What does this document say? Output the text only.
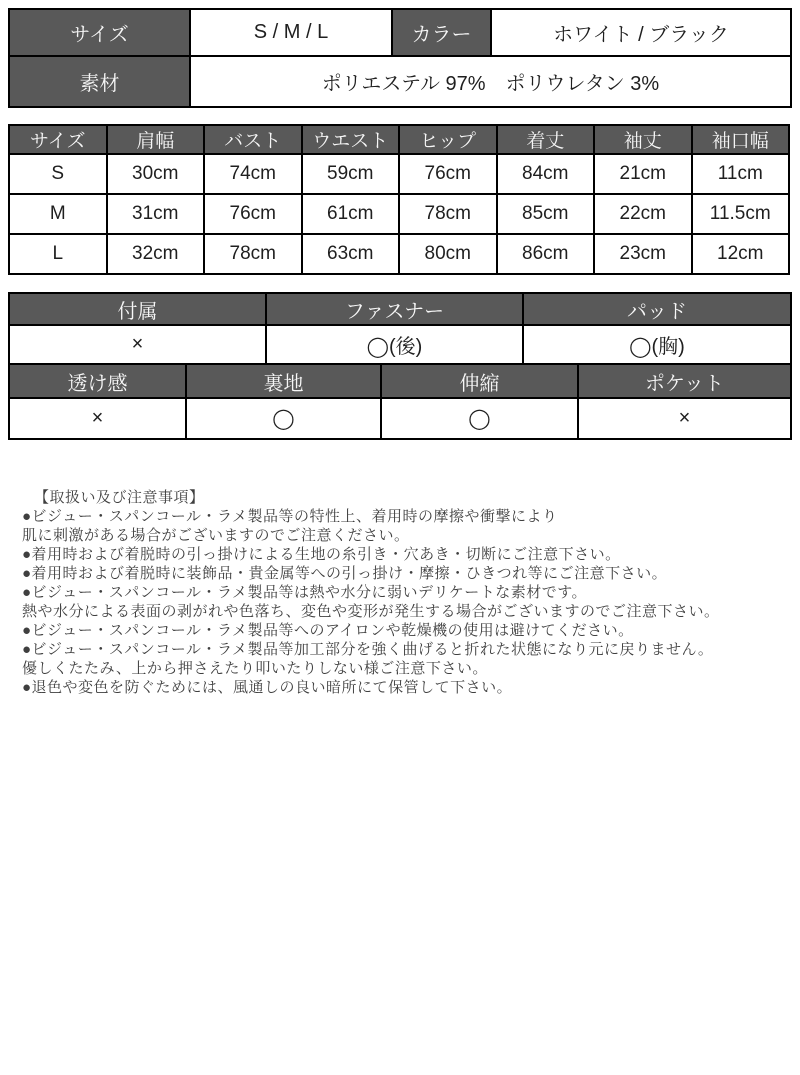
サイズ	S / M / L	カラー	ホワイト / ブラック
素材	ポリエステル 97%　ポリウレタン 3%		
サイズ	肩幅	バスト	ウエスト	ヒップ	着丈	袖丈	袖口幅
S	30cm	74cm	59cm	76cm	84cm	21cm	11cm
M	31cm	76cm	61cm	78cm	85cm	22cm	11.5cm
L	32cm	78cm	63cm	80cm	86cm	23cm	12cm
付属	ファスナー	パッド
×	◯(後)	◯(胸)
透け感	裏地	伸縮	ポケット
×	◯	◯	×
【取扱い及び注意事項】
●ビジュー・スパンコール・ラメ製品等の特性上、着用時の摩擦や衝撃により
肌に刺激がある場合がございますのでご注意ください。
●着用時および着脱時の引っ掛けによる生地の糸引き・穴あき・切断にご注意下さい。
●着用時および着脱時に装飾品・貴金属等への引っ掛け・摩擦・ひきつれ等にご注意下さい。
●ビジュー・スパンコール・ラメ製品等は熱や水分に弱いデリケートな素材です。
熱や水分による表面の剥がれや色落ち、変色や変形が発生する場合がございますのでご注意下さい。
●ビジュー・スパンコール・ラメ製品等へのアイロンや乾燥機の使用は避けてください。
●ビジュー・スパンコール・ラメ製品等加工部分を強く曲げると折れた状態になり元に戻りません。
優しくたたみ、上から押さえたり叩いたりしない様ご注意下さい。
●退色や変色を防ぐためには、風通しの良い暗所にて保管して下さい。
